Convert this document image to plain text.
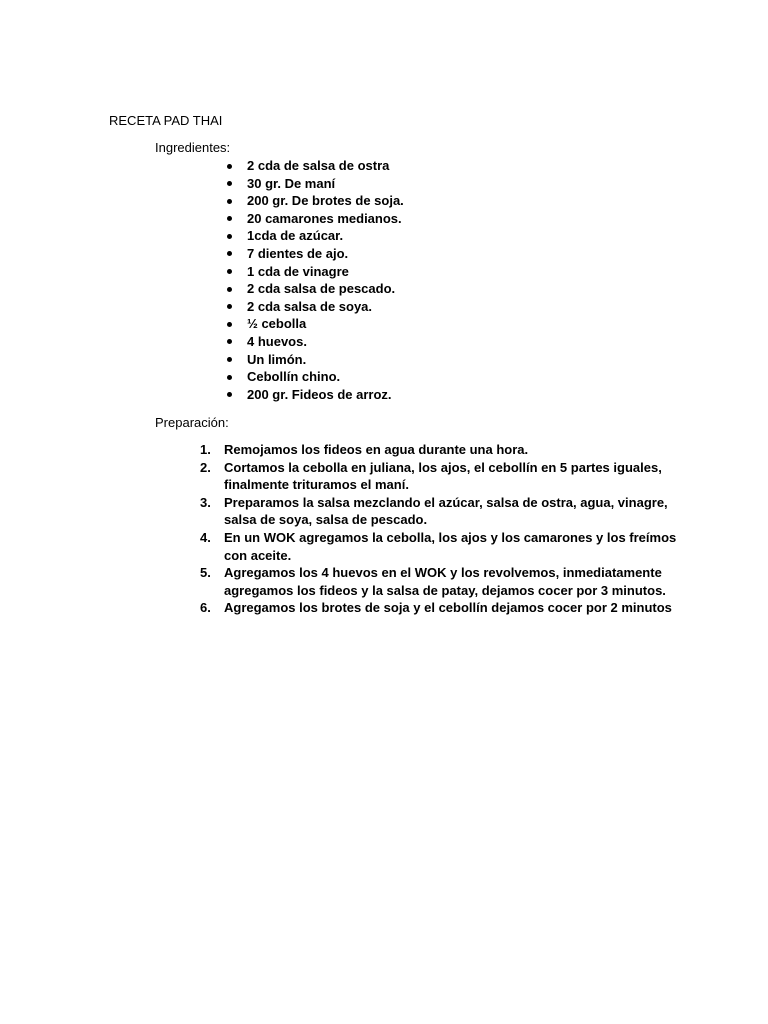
RECETA PAD THAI
Ingredientes:
2 cda de salsa de ostra
30 gr. De maní
200 gr. De brotes de soja.
20 camarones medianos.
1cda de azúcar.
7 dientes de ajo.
1 cda de vinagre
2 cda salsa de pescado.
2 cda salsa de soya.
½ cebolla
4 huevos.
Un limón.
Cebollín chino.
200 gr. Fideos de arroz.
Preparación:
1. Remojamos los fideos en agua durante una hora.
2. Cortamos la cebolla en juliana, los ajos, el cebollín en 5 partes iguales,
finalmente trituramos el maní.
3. Preparamos la salsa mezclando el azúcar, salsa de ostra, agua, vinagre,
salsa de soya, salsa de pescado.
4. En un WOK agregamos la cebolla, los ajos y los camarones y los freímos
con aceite.
5. Agregamos los 4 huevos en el WOK y los revolvemos, inmediatamente
agregamos los fideos y la salsa de patay, dejamos cocer por 3 minutos.
6. Agregamos los brotes de soja y el cebollín dejamos cocer por 2 minutos
